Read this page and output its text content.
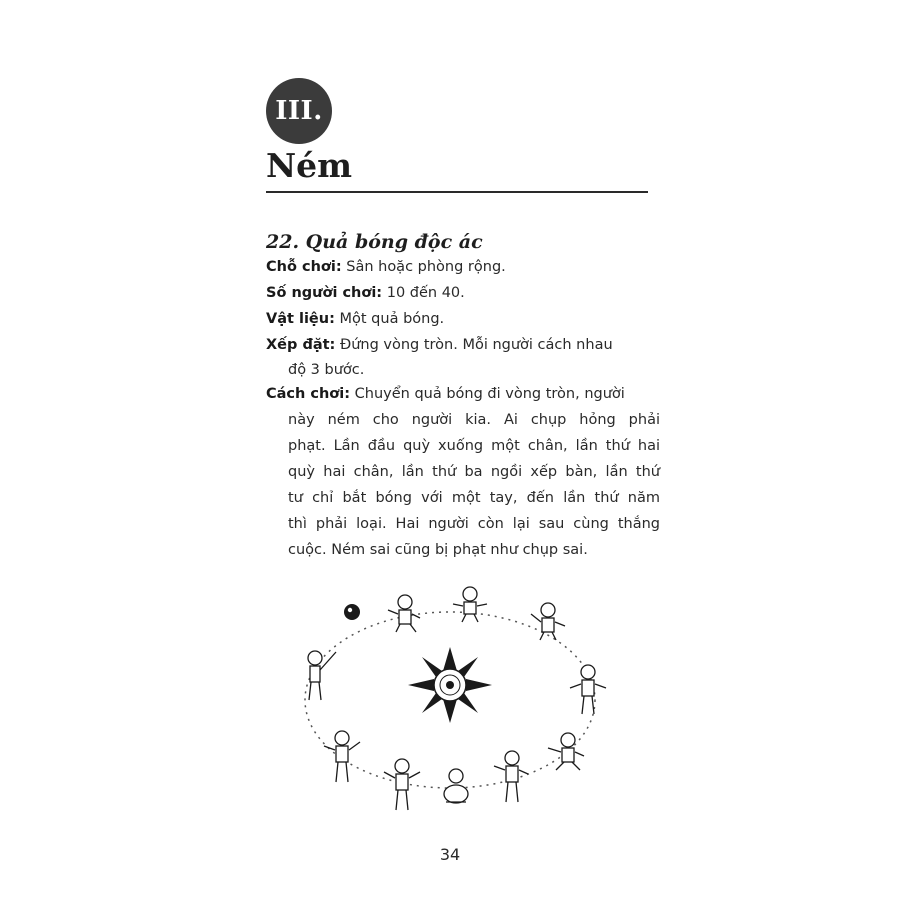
III.
Ném
22. Quả bóng độc ác
Chỗ chơi: Sân hoặc phòng rộng.
Số người chơi: 10 đến 40.
Vật liệu: Một quả bóng.
Xếp đặt: Đứng vòng tròn. Mỗi người cách nhau
độ 3 bước.
Cách chơi: Chuyển quả bóng đi vòng tròn, người
này ném cho người kia. Ai chụp hỏng phải
phạt. Lần đầu quỳ xuống một chân, lần thứ hai
quỳ hai chân, lần thứ ba ngồi xếp bàn, lần thứ
tư chỉ bắt bóng với một tay, đến lần thứ năm
thì phải loại. Hai người còn lại sau cùng thắng
cuộc. Ném sai cũng bị phạt như chụp sai.
34
